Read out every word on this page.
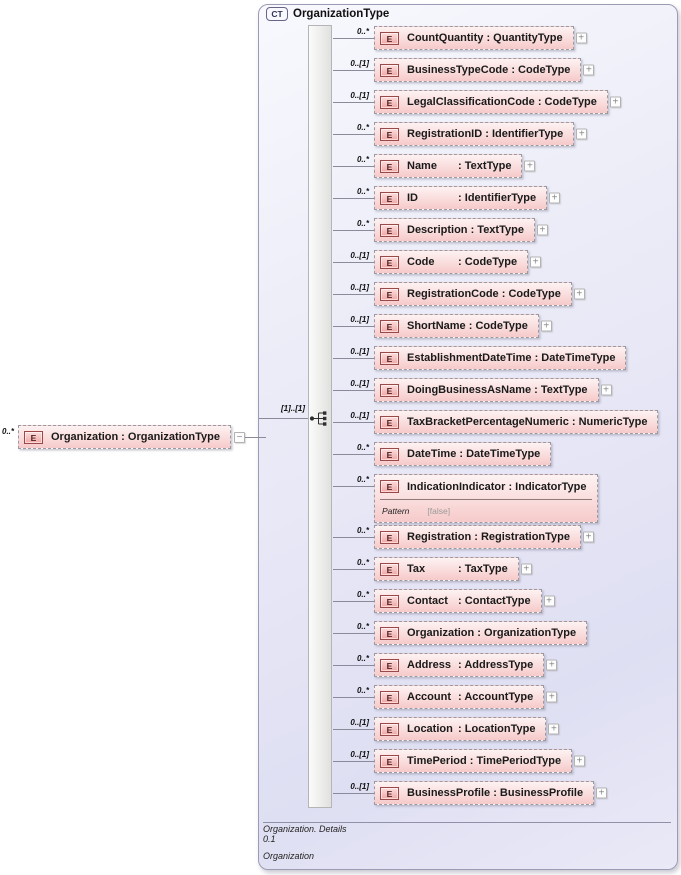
CT OrganizationType
0..*
E	Organization : OrganizationType −
[1]..[1]
0..*
E	CountQuantity : QuantityType +
0..[1]
E	BusinessTypeCode : CodeType +
0..[1]
E	LegalClassificationCode : CodeType +
0..*
E	RegistrationID : IdentifierType +
0..*
E	Name	: TextType +
0..*
E	ID	: IdentifierType +
0..*
E	Description : TextType +
0..[1]
E	Code	: CodeType +
0..[1]
E	RegistrationCode : CodeType +
0..[1]
E	ShortName : CodeType +
0..[1]
E	EstablishmentDateTime : DateTimeType
0..[1]
E	DoingBusinessAsName : TextType +
0..[1]
E	TaxBracketPercentageNumeric : NumericType
0..*
E	DateTime : DateTimeType
0..*
E	IndicationIndicator : IndicatorType
Pattern [false]
0..*
E	Registration : RegistrationType +
0..*
E	Tax	: TaxType +
0..*
E	Contact : ContactType +
0..*
E	Organization : OrganizationType
0..*
E	Address : AddressType +
0..*
E	Account : AccountType +
0..[1]
E	Location : LocationType +
0..[1]
E	TimePeriod : TimePeriodType +
0..[1]
E	BusinessProfile : BusinessProfile +
Organization. Details
0.1
Organization
